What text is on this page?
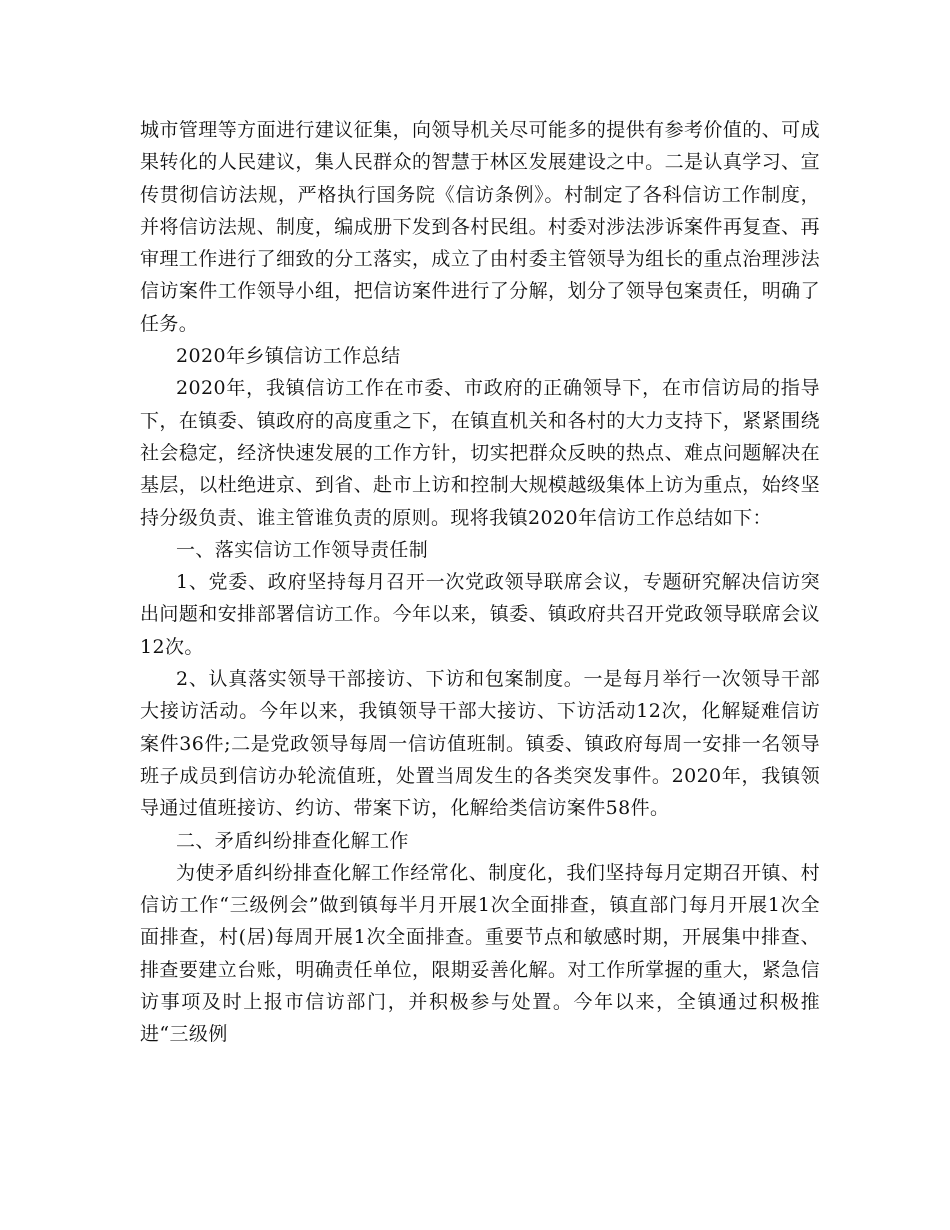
城市管理等方面进行建议征集，向领导机关尽可能多的提供有参考价值的、可成果转化的人民建议，集人民群众的智慧于林区发展建设之中。二是认真学习、宣传贯彻信访法规，严格执行国务院《信访条例》。村制定了各科信访工作制度，并将信访法规、制度，编成册下发到各村民组。村委对涉法涉诉案件再复查、再审理工作进行了细致的分工落实，成立了由村委主管领导为组长的重点治理涉法信访案件工作领导小组，把信访案件进行了分解，划分了领导包案责任，明确了任务。

2020年乡镇信访工作总结

2020年，我镇信访工作在市委、市政府的正确领导下，在市信访局的指导下，在镇委、镇政府的高度重之下，在镇直机关和各村的大力支持下，紧紧围绕社会稳定，经济快速发展的工作方针，切实把群众反映的热点、难点问题解决在基层，以杜绝进京、到省、赴市上访和控制大规模越级集体上访为重点，始终坚持分级负责、谁主管谁负责的原则。现将我镇2020年信访工作总结如下：

一、落实信访工作领导责任制

1、党委、政府坚持每月召开一次党政领导联席会议，专题研究解决信访突出问题和安排部署信访工作。今年以来，镇委、镇政府共召开党政领导联席会议12次。

2、认真落实领导干部接访、下访和包案制度。一是每月举行一次领导干部大接访活动。今年以来，我镇领导干部大接访、下访活动12次，化解疑难信访案件36件;二是党政领导每周一信访值班制。镇委、镇政府每周一安排一名领导班子成员到信访办轮流值班，处置当周发生的各类突发事件。2020年，我镇领导通过值班接访、约访、带案下访，化解给类信访案件58件。

二、矛盾纠纷排查化解工作

为使矛盾纠纷排查化解工作经常化、制度化，我们坚持每月定期召开镇、村信访工作“三级例会”做到镇每半月开展1次全面排查，镇直部门每月开展1次全面排查，村(居)每周开展1次全面排查。重要节点和敏感时期，开展集中排查、排查要建立台账，明确责任单位，限期妥善化解。对工作所掌握的重大，紧急信访事项及时上报市信访部门，并积极参与处置。今年以来，全镇通过积极推进“三级例
